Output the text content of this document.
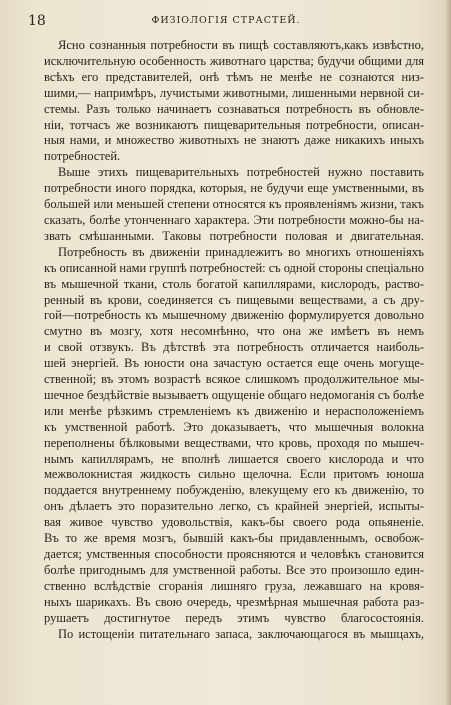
18	ФИЗІОЛОГІЯ СТРАСТЕЙ.

Ясно сознанныя потребности въ пищѣ составляютъ,какъ извѣстно,
исключительную особенность животнаго царства; будучи общими для
всѣхъ его представителей, онѣ тѣмъ не менѣе не сознаются низ-
шими,— напримѣръ, лучистыми животными, лишенными нервной си-
стемы. Разъ только начинаетъ сознаваться потребность въ обновле-
ніи, тотчасъ же возникаютъ пищеварительныя потребности, описан-
ныя нами, и множество животныхъ не знаютъ даже никакихъ иныхъ
потребностей.

Выше этихъ пищеварительныхъ потребностей нужно поставить
потребности иного порядка, которыя, не будучи еще умственными, въ
большей или меньшей степени относятся къ проявленіямъ жизни, такъ
сказать, болѣе утонченнаго характера. Эти потребности можно-бы на-
звать смѣшанными. Таковы потребности половая и двигательная.

Потребность въ движеніи принадлежитъ во многихъ отношеніяхъ
къ описанной нами группѣ потребностей: съ одной стороны спеціально
въ мышечной ткани, столь богатой капиллярами, кислородъ, раство-
ренный въ крови, соединяется съ пищевыми веществами, а съ дру-
гой—потребность къ мышечному движенію формулируется довольно
смутно въ мозгу, хотя несомнѣнно, что она же имѣетъ въ немъ
и свой отзвукъ. Въ дѣтствѣ эта потребность отличается наиболь-
шей энергіей. Въ юности она зачастую остается еще очень могуще-
ственной; въ этомъ возрастѣ всякое слишкомъ продолжительное мы-
шечное бездѣйствіе вызываетъ ощущеніе общаго недомоганія съ болѣе
или менѣе рѣзкимъ стремленіемъ къ движенію и нерасположеніемъ
къ умственной работѣ. Это доказываетъ, что мышечныя волокна
переполнены бѣлковыми веществами, что кровь, проходя по мышеч-
нымъ капиллярамъ, не вполнѣ лишается своего кислорода и что
межволокнистая жидкость сильно щелочна. Если притомъ юноша
поддается внутреннему побужденію, влекущему его къ движенію, то
онъ дѣлаетъ это поразительно легко, съ крайней энергіей, испыты-
вая живое чувство удовольствія, какъ-бы своего рода опьяненіе.
Въ то же время мозгъ, бывшій какъ-бы придавленнымъ, освобож-
дается; умственныя способности проясняются и человѣкъ становится
болѣе пригоднымъ для умственной работы. Все это произошло един-
ственно вслѣдствіе сгоранія лишняго груза, лежавшаго на кровя-
ныхъ шарикахъ. Въ свою очередь, чрезмѣрная мышечная работа раз-
рушаетъ достигнутое передъ этимъ чувство благосостоянія.

По истощеніи питательнаго запаса, заключающагося въ мышцахъ,
